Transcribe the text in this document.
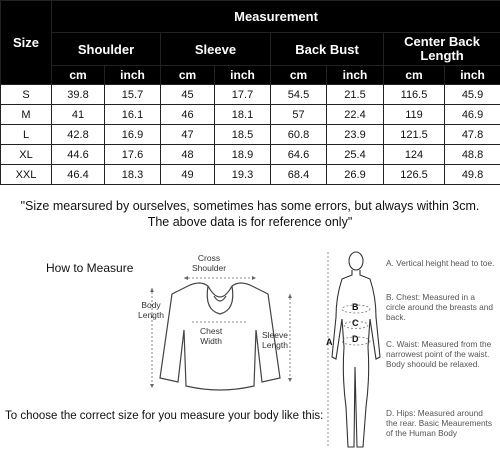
Size	Measurement							
	Shoulder		Sleeve		Back Bust		Center Back Length	
	cm	inch	cm	inch	cm	inch	cm	inch
S	39.8	15.7	45	17.7	54.5	21.5	116.5	45.9
M	41	16.1	46	18.1	57	22.4	119	46.9
L	42.8	16.9	47	18.5	60.8	23.9	121.5	47.8
XL	44.6	17.6	48	18.9	64.6	25.4	124	48.8
XXL	46.4	18.3	49	19.3	68.4	26.9	126.5	49.8
"Size mearsured by ourselves, sometimes has some errors, but always within 3cm.
The above data is for reference only"
How to Measure
Cross
Shoulder
Body
Length
Chest
Width
Sleeve
Length
To choose the correct size for you measure your body like this:
B
C
D
A
A. Vertical height head to toe.
B. Chest: Measured in a circle around the breasts and back.
C. Waist: Measured from the narrowest point of the waist. Body shoould be relaxed.
D. Hips: Measured around the rear. Basic Meaurements of the Human Body
